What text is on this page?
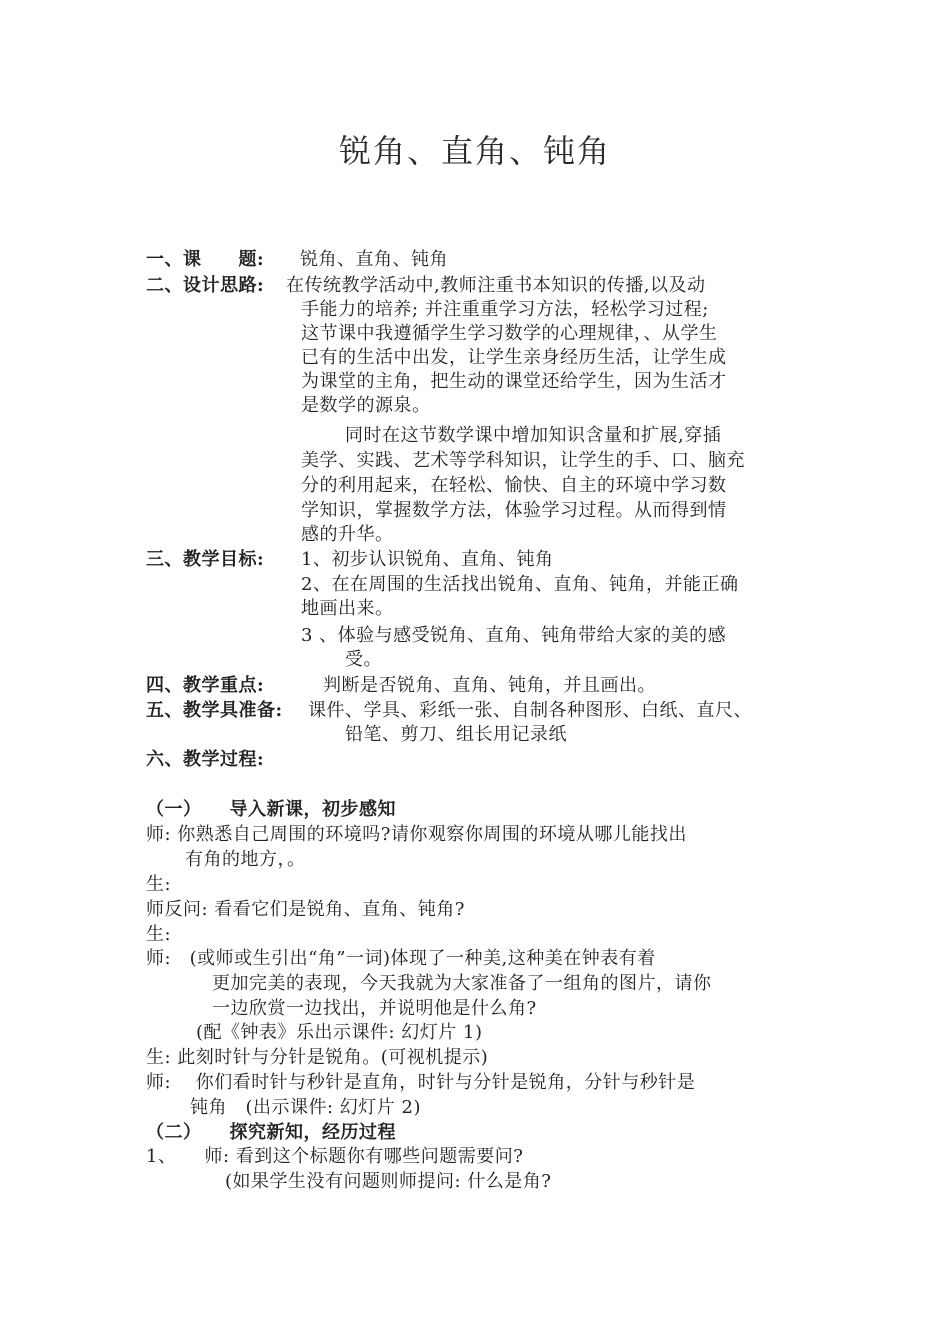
锐角、直角、钝角
一、课　　题: 锐角、直角、钝角
二、设计思路: 在传统教学活动中,教师注重书本知识的传播,以及动
手能力的培养; 并注重重学习方法，轻松学习过程;
这节课中我遵循学生学习数学的心理规律，、从学生
已有的生活中出发，让学生亲身经历生活，让学生成
为课堂的主角，把生动的课堂还给学生，因为生活才
是数学的源泉。
同时在这节数学课中增加知识含量和扩展,穿插
美学、实践、艺术等学科知识，让学生的手、口、脑充
分的利用起来，在轻松、愉快、自主的环境中学习数
学知识，掌握数学方法，体验学习过程。从而得到情
感的升华。
三、教学目标: 1、初步认识锐角、直角、钝角
2、在在周围的生活找出锐角、直角、钝角，并能正确
地画出来。
3 、体验与感受锐角、直角、钝角带给大家的美的感
受。
四、教学重点:	判断是否锐角、直角、钝角，并且画出。
五、教学具准备: 课件、学具、彩纸一张、自制各种图形、白纸、直尺、
铅笔、剪刀、组长用记录纸
六、教学过程:
（一）　　导入新课，初步感知
师: 你熟悉自己周围的环境吗?请你观察你周围的环境从哪儿能找出
有角的地方，。
生:
师反问: 看看它们是锐角、直角、钝角?
生:
师:　(或师或生引出“角”一词)体现了一种美,这种美在钟表有着
更加完美的表现，今天我就为大家准备了一组角的图片，请你
一边欣赏一边找出，并说明他是什么角?
(配《钟表》乐出示课件: 幻灯片 1)
生: 此刻时针与分针是锐角。(可视机提示)
师:　 你们看时针与秒针是直角，时针与分针是锐角，分针与秒针是
钝角　(出示课件: 幻灯片 2)
（二）　　探究新知，经历过程
1、　　师: 看到这个标题你有哪些问题需要问?
(如果学生没有问题则师提问: 什么是角?
